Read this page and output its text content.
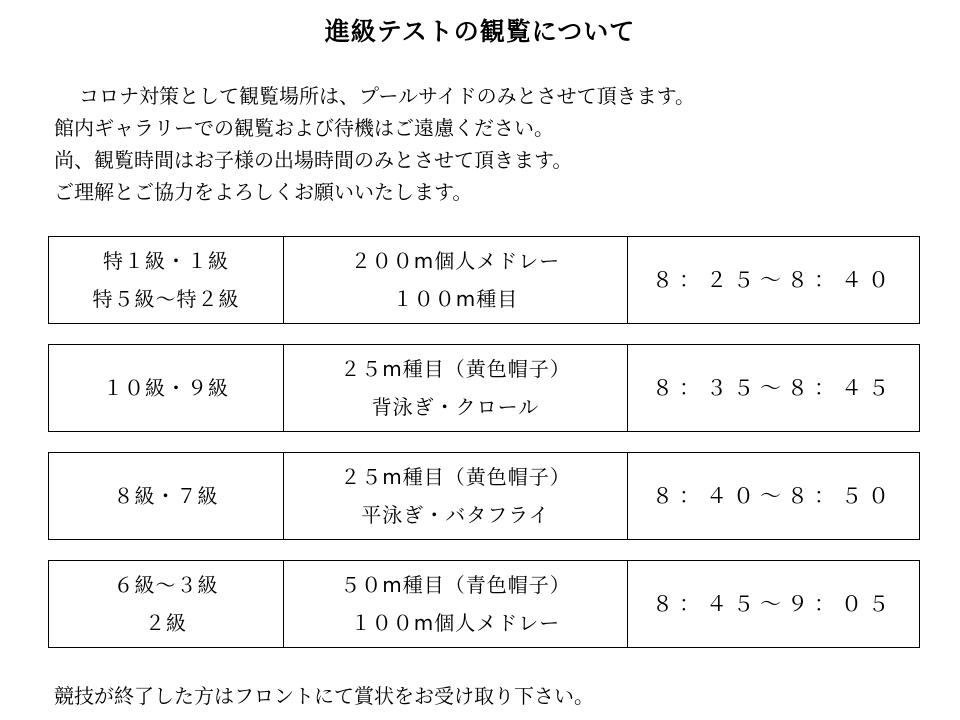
進級テストの観覧について
コロナ対策として観覧場所は、プールサイドのみとさせて頂きます。
館内ギャラリーでの観覧および待機はご遠慮ください。
尚、観覧時間はお子様の出場時間のみとさせて頂きます。
ご理解とご協力をよろしくお願いいたします。
特１級・１級
特５級～特２級
２００m個人メドレー
１００m種目
８：２５～８：４０
１０級・９級
２５m種目（黄色帽子）
背泳ぎ・クロール
８：３５～８：４５
８級・７級
２５m種目（黄色帽子）
平泳ぎ・バタフライ
８：４０～８：５０
６級～３級
２級
５０m種目（青色帽子）
１００m個人メドレー
８：４５～９：０５
競技が終了した方はフロントにて賞状をお受け取り下さい。
